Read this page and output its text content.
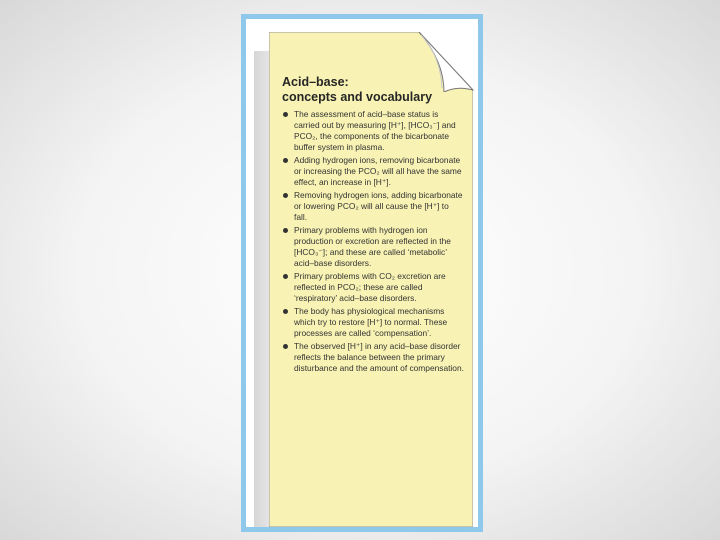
Acid–base:
concepts and vocabulary
The assessment of acid–base status is carried out by measuring [H⁺], [HCO₃⁻] and PCO₂, the components of the bicarbonate buffer system in plasma.
Adding hydrogen ions, removing bicarbonate or increasing the PCO₂ will all have the same effect, an increase in [H⁺].
Removing hydrogen ions, adding bicarbonate or lowering PCO₂ will all cause the [H⁺] to fall.
Primary problems with hydrogen ion production or excretion are reflected in the [HCO₃⁻]; and these are called ‘metabolic’ acid–base disorders.
Primary problems with CO₂ excretion are reflected in PCO₂; these are called ‘respiratory’ acid–base disorders.
The body has physiological mechanisms which try to restore [H⁺] to normal. These processes are called ‘compensation’.
The observed [H⁺] in any acid–base disorder reflects the balance between the primary disturbance and the amount of compensation.
